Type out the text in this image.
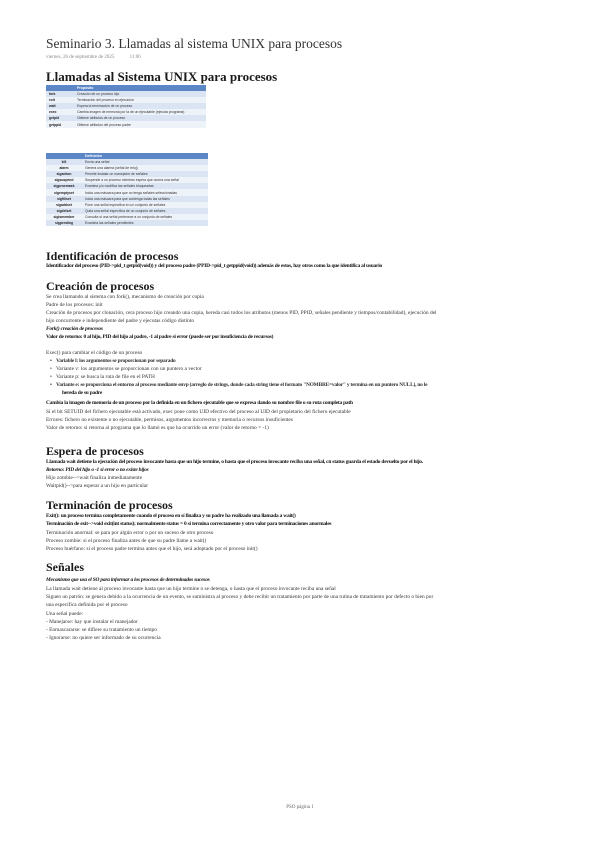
Seminario 3. Llamadas al sistema UNIX para procesos
viernes, 26 de septiembre de 2025	11:06
Llamadas al Sistema UNIX para procesos
	Propósito
fork	Creación de un proceso hijo
exit	Terminación del proceso en ejecución
wait	Espera la terminación de un proceso
exec	Cambia imagen de memoria por la de un ejecutable (ejecuta programa)
getpid	Obtiene atributos de un proceso
getppid	Obtiene atributos del proceso padre
	Definición
kill	Envía una señal
alarm	Genera una alarma (señal de reloj)
sigaction	Permite instalar un manejador de señales
sigsuspend	Suspende a un proceso mientras espera que ocurra una señal
sigprocmask	Examina y/o modifica las señales bloqueadas
sigemptyset	Inicia una máscara para que no tenga señales seleccionadas
sigfillset	Inicia una máscara para que contenga todas las señales
sigaddset	Pone una señal específica en un conjunto de señales
sigdelset	Quita una señal específica de un conjunto de señales
sigismember	Consulta si una señal pertenece a un conjunto de señales
sigpending	Examina las señales pendientes
Identificación de procesos
Identificador del proceso (PID->pid_t getpid(void)) y del proceso padre (PPID->pid_t getppid(void)) además de estos, hay otros como la que identifica al usuario
Creación de procesos
Se crea llamando al sistema con fork(), mecanismo de creación por copia
Padre de los procesos: init
Creación de procesos por clonación, cera proceso hijo creando una copia, hereda casi todos los atributos (menos PID, PPID, señales pendiente y tiempos/contabilidad), ejecución del
hijo concurrente e independiente del padre y ejecutas código distinto
Fork() creación de procesos
Valor de retorno: 0 al hijo, PID del hijo al padre, -1 al padre si error (puede ser por insuficiencia de recursos)
Exec() para cambiar el código de un proceso
• Variable l: los argumentos se proporcionan por separado
• Variante v: los argumentos se proporcionan con un puntero a vector
• Variante p: se busca la ruta de file en el PATH
• Variante e: se proporciona el entorno al proceso mediante envp (arreglo de strings, donde cada string tiene el formato "NOMBRE=valor" y termina en un puntero NULL), no le
hereda de su padre
Cambia la imagen de memoria de un proceso por la definida en un fichero ejecutable que se expresa dando su nombre file o su ruta completa path
Si el bit SETUID del fichero ejecutable está activado, exec pone como UID efectivo del proceso al UID del propietario del fichero ejecutable
Errores: fichero no existente o no ejecutable, permisos, argumentos incorrectos y memoria o recursos insuficientes
Valor de retorno: si retorna al programa que lo llamó es que ha ocurrido un error (valor de retorno = -1)
Espera de procesos
Llamada wait detiene la ejecución del proceso invocante hasta que un hijo termine, o hasta que el proceso invocante reciba una señal, cn status guarda el estado devuelto por el hijo.
Retorno: PID del hijo o -1 si error o no existe hijos
Hijo zombie-->wait finaliza inmediatamente
Waitpid()-->para esperar a un hijo en particular
Terminación de procesos
Exit(): un proceso termina completamente cuando el proceso en sí finaliza y su padre ha realizado una llamada a wait()
Terminación de exit-->void exit(int status); normalmente status = 0 si termina correctamente y otro valor para terminaciones anormales
Terminación anormal: se para por algún error o por un suceso de otro proceso
Proceso zombie: si el proceso finaliza antes de que su padre llame a wait()
Proceso huérfano: si el proceso padre termina antes que el hijo, será adoptado por el proceso init()
Señales
Mecanismo que usa el SO para informar a los procesos de determinados sucesos
La llamada wait detiene al proceso invocante hasta que un hijo termine o se detenga, o hasta que el proceso invocante reciba una señal
Siguen un patrón: se genera debido a la ocurrencia de un evento, se suministra al proceso y debe recibir un tratamiento por parte de una rutina de tratamiento por defecto o bien por
una específica definida por el proceso
Una señal puede:
- Manejarse: hay que instalar el manejador
- Enmascararse: se difiere su tratamiento un tiempo
- Ignorarse: no quiere ser informado de su ocurrencia
PSO página 1
